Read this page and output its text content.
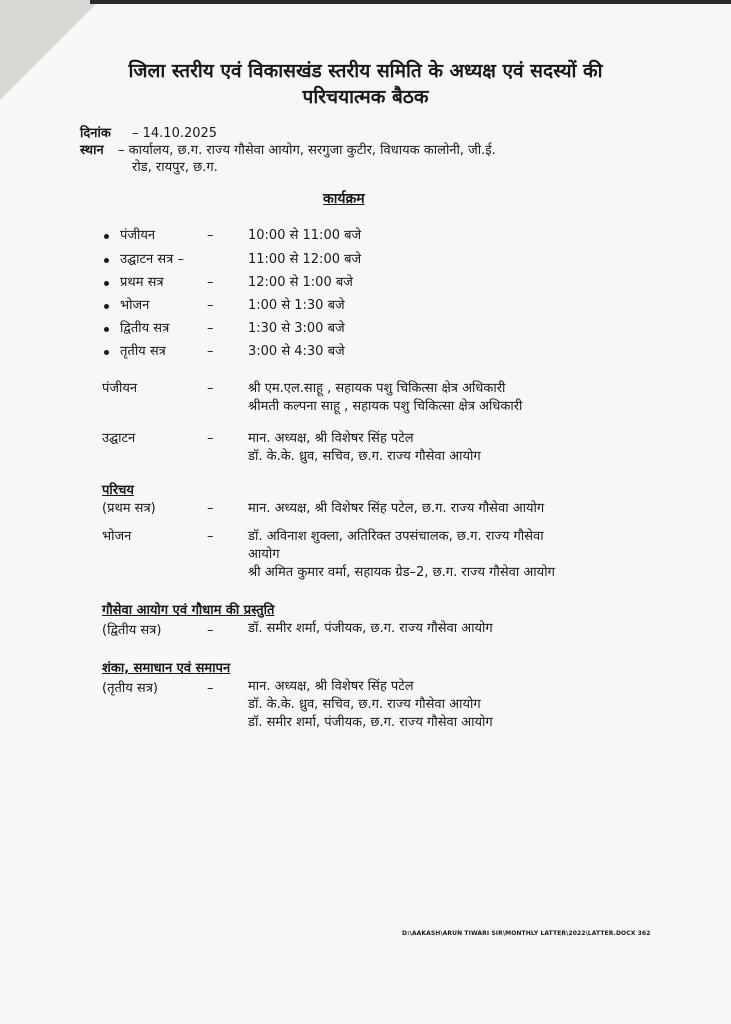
जिला स्तरीय एवं विकासखंड स्तरीय समिति के अध्यक्ष एवं सदस्यों की
परिचयात्मक बैठक
दिनांक – 14.10.2025
स्थान – कार्यालय, छ.ग. राज्य गौसेवा आयोग, सरगुजा कुटीर, विधायक कालोनी, जी.ई.
रोड, रायपुर, छ.ग.
कार्यक्रम
पंजीयन	–	10:00 से 11:00 बजे
उद्घाटन सत्र –	11:00 से 12:00 बजे
प्रथम सत्र	–	12:00 से 1:00 बजे
भोजन	–	1:00 से 1:30 बजे
द्वितीय सत्र	–	1:30 से 3:00 बजे
तृतीय सत्र	–	3:00 से 4:30 बजे
पंजीयन	–	श्री एम.एल.साहू , सहायक पशु चिकित्सा क्षेत्र अधिकारी
श्रीमती कल्पना साहू , सहायक पशु चिकित्सा क्षेत्र अधिकारी
उद्घाटन	–	मान. अध्यक्ष, श्री विशेषर सिंह पटेल
डॉ. के.के. ध्रुव, सचिव, छ.ग. राज्य गौसेवा आयोग
परिचय
(प्रथम सत्र)	–	मान. अध्यक्ष, श्री विशेषर सिंह पटेल, छ.ग. राज्य गौसेवा आयोग
भोजन	–	डॉ. अविनाश शुक्ला, अतिरिक्त उपसंचालक, छ.ग. राज्य गौसेवा
आयोग
श्री अमित कुमार वर्मा, सहायक ग्रेड–2, छ.ग. राज्य गौसेवा आयोग
गौसेवा आयोग एवं गौधाम की प्रस्तुति
(द्वितीय सत्र)	–	डॉ. समीर शर्मा, पंजीयक, छ.ग. राज्य गौसेवा आयोग
शंका, समाधान एवं समापन
(तृतीय सत्र)	–	मान. अध्यक्ष, श्री विशेषर सिंह पटेल
डॉ. के.के. ध्रुव, सचिव, छ.ग. राज्य गौसेवा आयोग
डॉ. समीर शर्मा, पंजीयक, छ.ग. राज्य गौसेवा आयोग
D:\AAKASH\ARUN TIWARI SIR\MONTHLY LATTER\2022\LATTER.DOCX 362
